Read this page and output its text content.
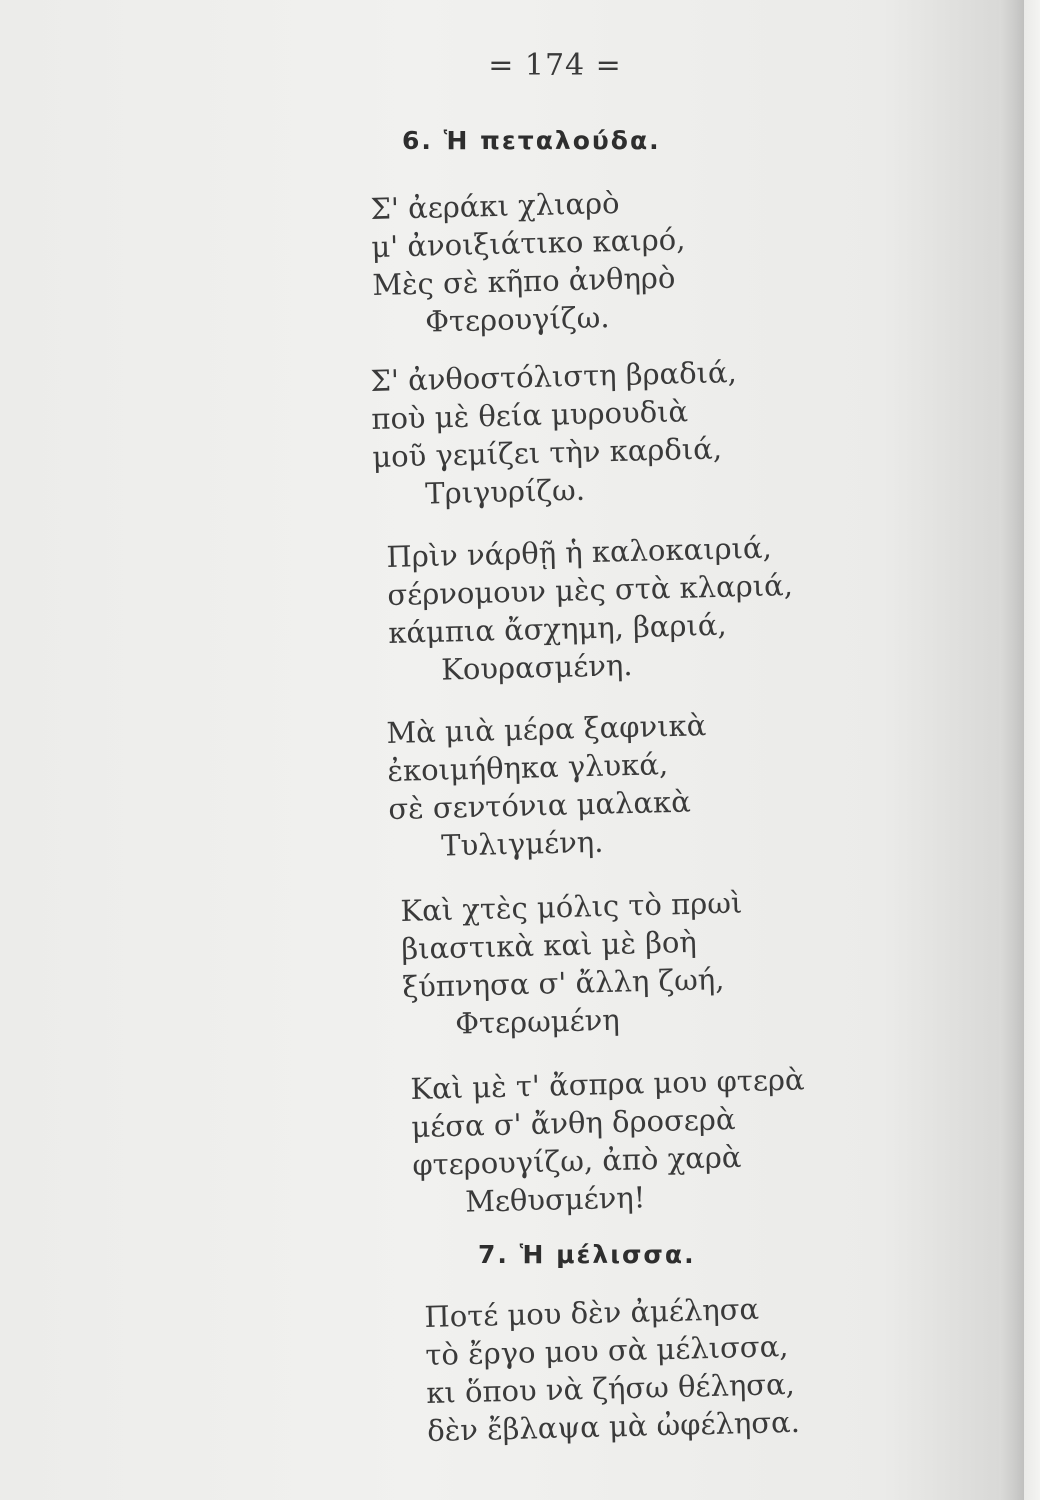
= 174 =
6. Ἡ πεταλούδα.
Σ' ἀεράκι χλιαρὸ
μ' ἀνοιξιάτικο καιρό,
Μὲς σὲ κῆπο ἀνθηρὸ
Φτερουγίζω.
Σ' ἀνθοστόλιστη βραδιά,
ποὺ μὲ θεία μυρουδιὰ
μοῦ γεμίζει τὴν καρδιά,
Τριγυρίζω.
Πρὶν νάρθῇ ἡ καλοκαιριά,
σέρνομουν μὲς στὰ κλαριά,
κάμπια ἄσχημη, βαριά,
Κουρασμένη.
Μὰ μιὰ μέρα ξαφνικὰ
ἐκοιμήθηκα γλυκά,
σὲ σεντόνια μαλακὰ
Τυλιγμένη.
Καὶ χτὲς μόλις τὸ πρωὶ
βιαστικὰ καὶ μὲ βοὴ
ξύπνησα σ' ἄλλη ζωή,
Φτερωμένη
Καὶ μὲ τ' ἄσπρα μου φτερὰ
μέσα σ' ἄνθη δροσερὰ
φτερουγίζω, ἀπὸ χαρὰ
Μεθυσμένη!
7. Ἡ μέλισσα.
Ποτέ μου δὲν ἀμέλησα
τὸ ἔργο μου σὰ μέλισσα,
κι ὅπου νὰ ζήσω θέλησα,
δὲν ἔβλαψα μὰ ὠφέλησα.
